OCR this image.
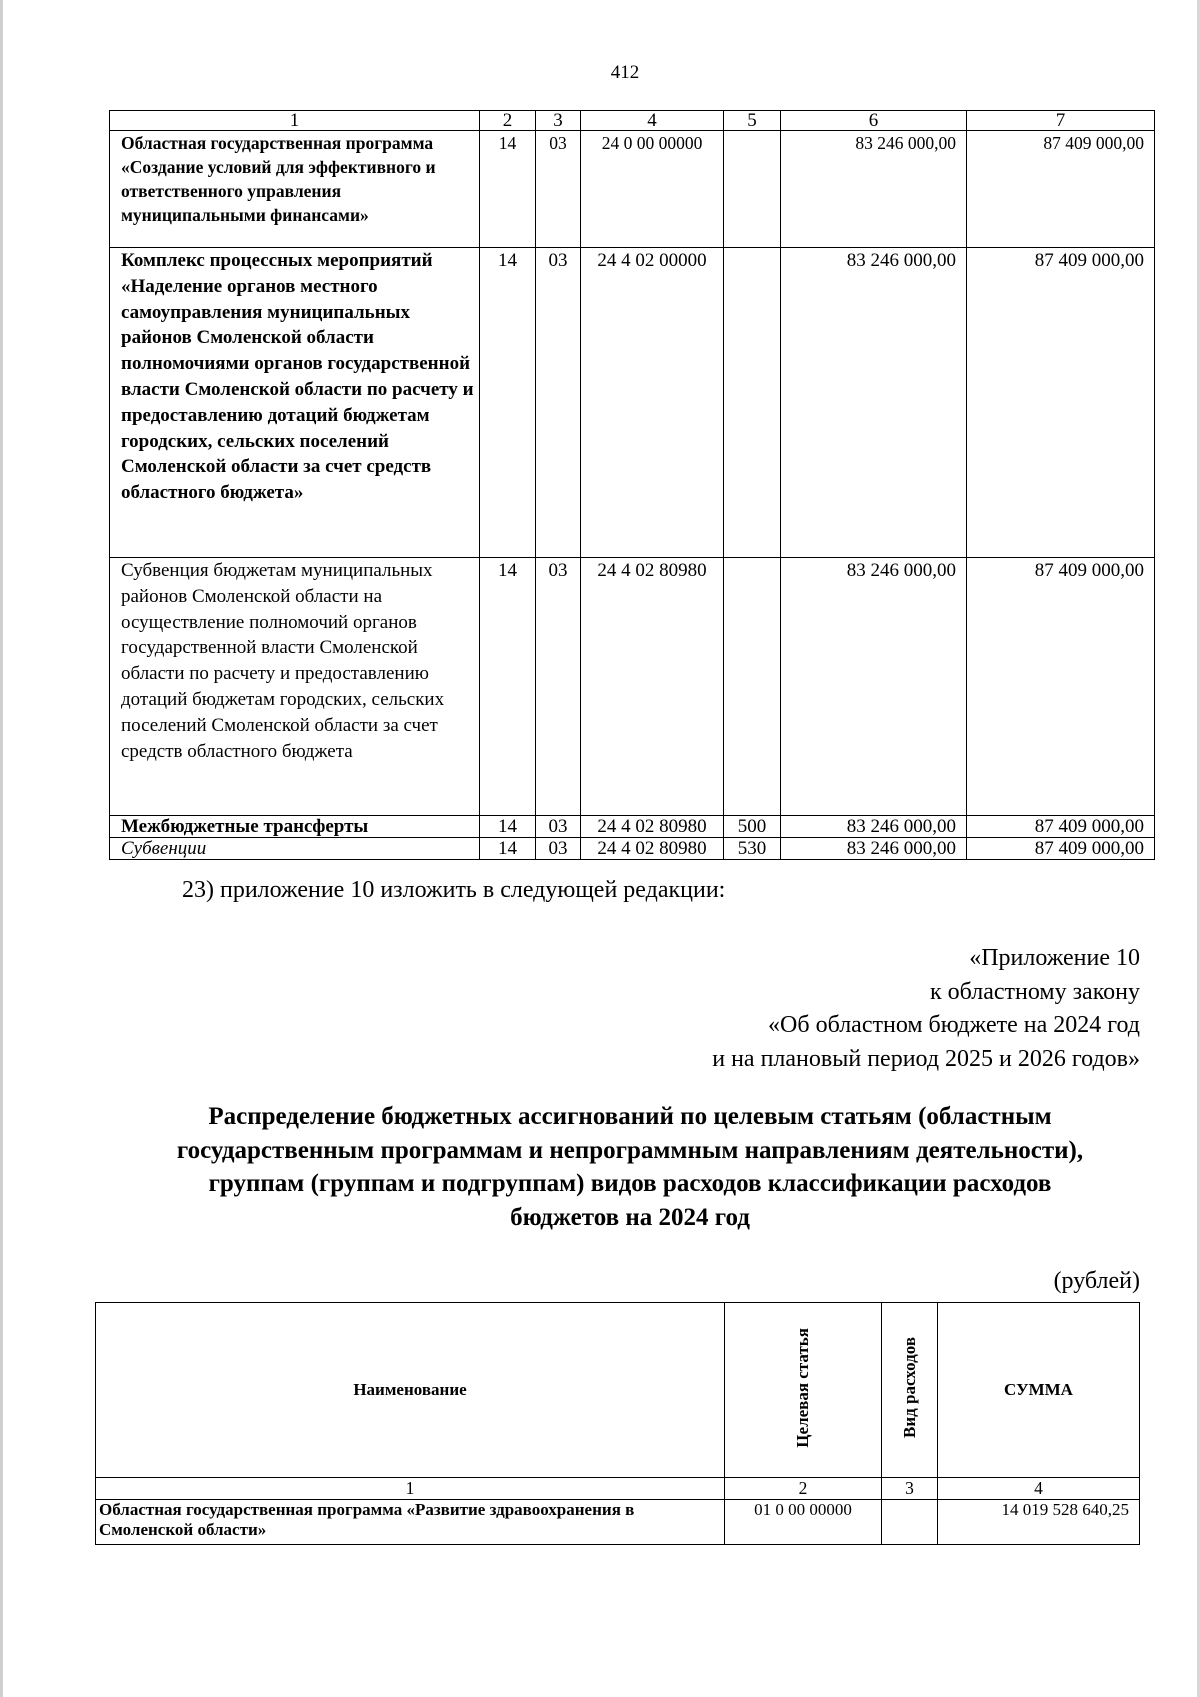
412
1	2	3	4	5	6	7
Областная государственная программа «Создание условий для эффективного и ответственного управления муниципальными финансами»	14	03	24 0 00 00000		83 246 000,00	87 409 000,00
Комплекс процессных мероприятий «Наделение органов местного самоуправления муниципальных районов Смоленской области полномочиями органов государственной власти Смоленской области по расчету и предоставлению дотаций бюджетам городских, сельских поселений Смоленской области за счет средств областного бюджета»	14	03	24 4 02 00000		83 246 000,00	87 409 000,00
Субвенция бюджетам муниципальных районов Смоленской области на осуществление полномочий органов государственной власти Смоленской области по расчету и предоставлению дотаций бюджетам городских, сельских поселений Смоленской области за счет средств областного бюджета	14	03	24 4 02 80980		83 246 000,00	87 409 000,00
Межбюджетные трансферты	14	03	24 4 02 80980	500	83 246 000,00	87 409 000,00
Субвенции	14	03	24 4 02 80980	530	83 246 000,00	87 409 000,00
23) приложение 10 изложить в следующей редакции:
«Приложение 10
к областному закону
«Об областном бюджете на 2024 год
и на плановый период 2025 и 2026 годов»
Распределение бюджетных ассигнований по целевым статьям (областным
государственным программам и непрограммным направлениям деятельности),
группам (группам и подгруппам) видов расходов классификации расходов
бюджетов на 2024 год
(рублей)
Наименование	Целевая статья	Вид расходов	СУММА
1	2	3	4
Областная государственная программа «Развитие здравоохранения в Смоленской области»	01 0 00 00000		14 019 528 640,25
